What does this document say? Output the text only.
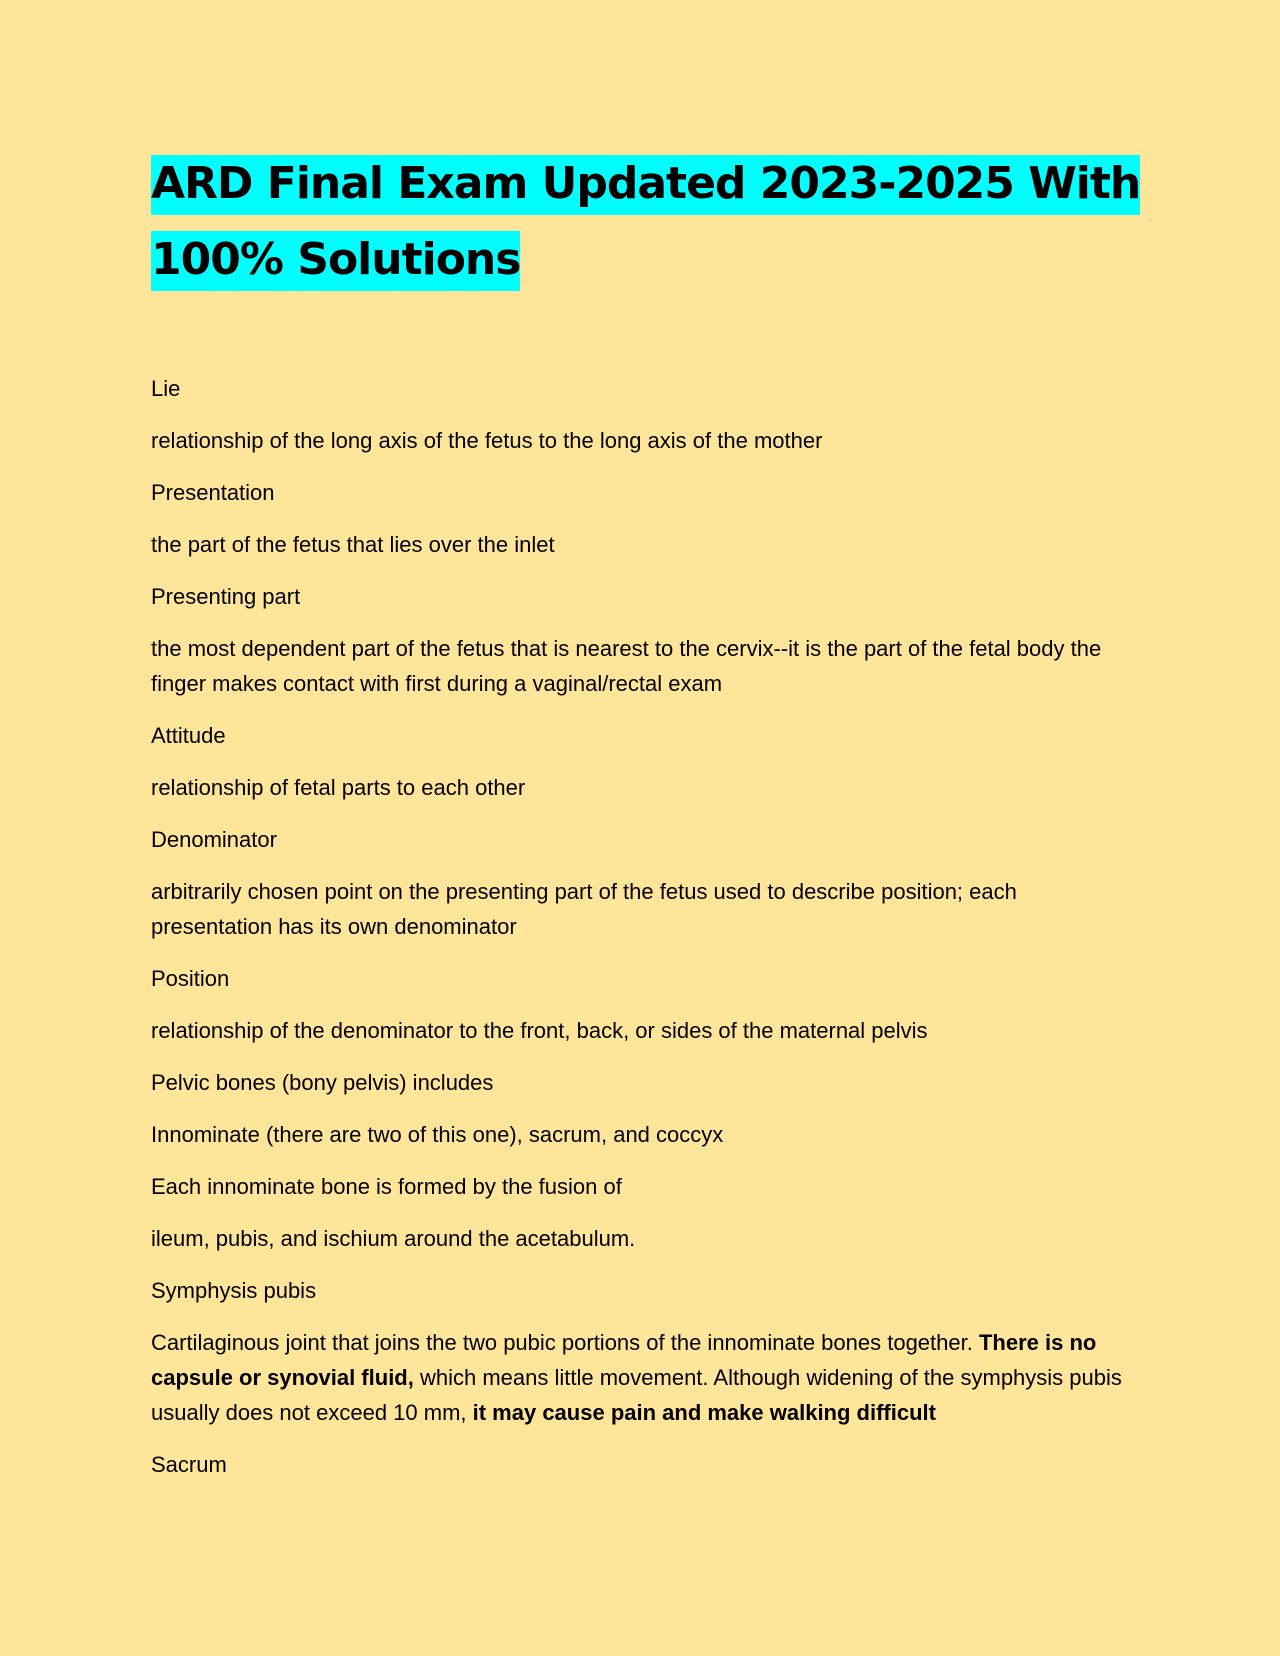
ARD Final Exam Updated 2023-2025 With 100% Solutions

Lie

relationship of the long axis of the fetus to the long axis of the mother

Presentation

the part of the fetus that lies over the inlet

Presenting part

the most dependent part of the fetus that is nearest to the cervix--it is the part of the fetal body the finger makes contact with first during a vaginal/rectal exam

Attitude

relationship of fetal parts to each other

Denominator

arbitrarily chosen point on the presenting part of the fetus used to describe position; each presentation has its own denominator

Position

relationship of the denominator to the front, back, or sides of the maternal pelvis

Pelvic bones (bony pelvis) includes

Innominate (there are two of this one), sacrum, and coccyx

Each innominate bone is formed by the fusion of

ileum, pubis, and ischium around the acetabulum.

Symphysis pubis

Cartilaginous joint that joins the two pubic portions of the innominate bones together. There is no capsule or synovial fluid, which means little movement. Although widening of the symphysis pubis usually does not exceed 10 mm, it may cause pain and make walking difficult

Sacrum
